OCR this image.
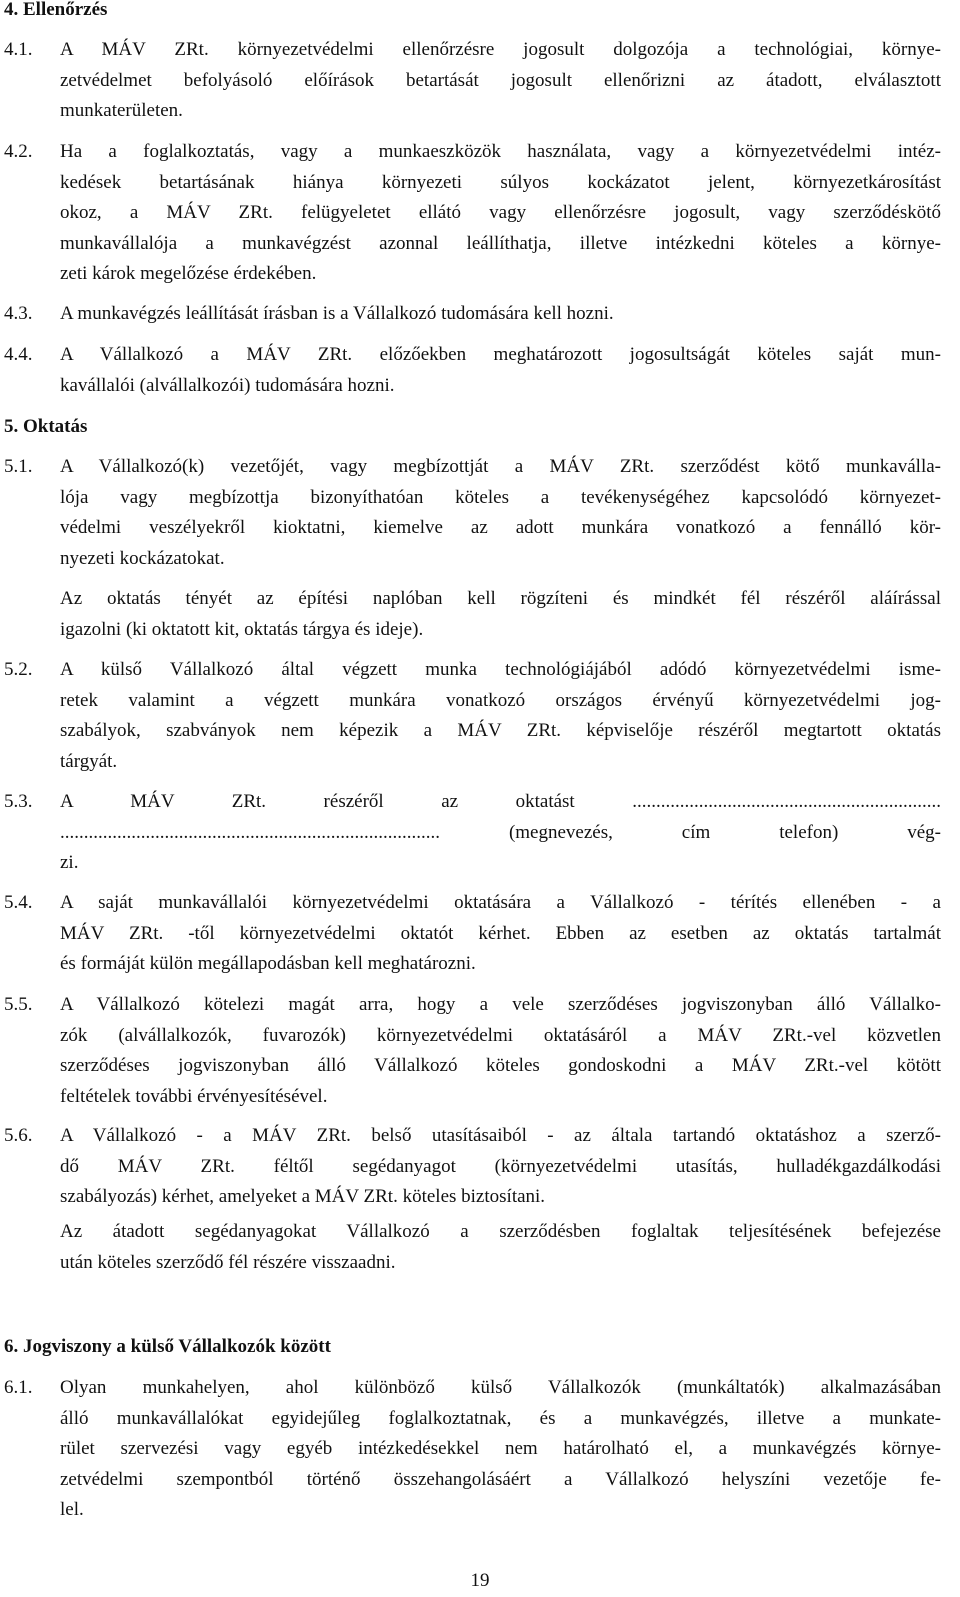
4. Ellenőrzés
4.1. A MÁV ZRt. környezetvédelmi ellenőrzésre jogosult dolgozója a technológiai, környe-
zetvédelmet befolyásoló előírások betartását jogosult ellenőrizni az átadott, elválasztott
munkaterületen.
4.2. Ha a foglalkoztatás, vagy a munkaeszközök használata, vagy a környezetvédelmi intéz-
kedések betartásának hiánya környezeti súlyos kockázatot jelent, környezetkárosítást
okoz, a MÁV ZRt. felügyeletet ellátó vagy ellenőrzésre jogosult, vagy szerződéskötő
munkavállalója a munkavégzést azonnal leállíthatja, illetve intézkedni köteles a környe-
zeti károk megelőzése érdekében.
4.3. A munkavégzés leállítását írásban is a Vállalkozó tudomására kell hozni.
4.4. A Vállalkozó a MÁV ZRt. előzőekben meghatározott jogosultságát köteles saját mun-
kavállalói (alvállalkozói) tudomására hozni.
5. Oktatás
5.1. A Vállalkozó(k) vezetőjét, vagy megbízottját a MÁV ZRt. szerződést kötő munkaválla-
lója vagy megbízottja bizonyíthatóan köteles a tevékenységéhez kapcsolódó környezet-
védelmi veszélyekről kioktatni, kiemelve az adott munkára vonatkozó a fennálló kör-
nyezeti kockázatokat.
Az oktatás tényét az építési naplóban kell rögzíteni és mindkét fél részéről aláírással
igazolni (ki oktatott kit, oktatás tárgya és ideje).
5.2. A külső Vállalkozó által végzett munka technológiájából adódó környezetvédelmi isme-
retek valamint a végzett munkára vonatkozó országos érvényű környezetvédelmi jog-
szabályok, szabványok nem képezik a MÁV ZRt. képviselője részéről megtartott oktatás
tárgyát.
5.3. A MÁV ZRt. részéről az oktatást .................................................................
................................................................................ (megnevezés, cím telefon) vég-
zi.
5.4. A saját munkavállalói környezetvédelmi oktatására a Vállalkozó - térítés ellenében - a
MÁV ZRt. -től környezetvédelmi oktatót kérhet. Ebben az esetben az oktatás tartalmát
és formáját külön megállapodásban kell meghatározni.
5.5. A Vállalkozó kötelezi magát arra, hogy a vele szerződéses jogviszonyban álló Vállalko-
zók (alvállalkozók, fuvarozók) környezetvédelmi oktatásáról a MÁV ZRt.-vel közvetlen
szerződéses jogviszonyban álló Vállalkozó köteles gondoskodni a MÁV ZRt.-vel kötött
feltételek további érvényesítésével.
5.6. A Vállalkozó - a MÁV ZRt. belső utasításaiból - az általa tartandó oktatáshoz a szerző-
dő MÁV ZRt. féltől segédanyagot (környezetvédelmi utasítás, hulladékgazdálkodási
szabályozás) kérhet, amelyeket a MÁV ZRt. köteles biztosítani.
Az átadott segédanyagokat Vállalkozó a szerződésben foglaltak teljesítésének befejezése
után köteles szerződő fél részére visszaadni.
6. Jogviszony a külső Vállalkozók között
6.1. Olyan munkahelyen, ahol különböző külső Vállalkozók (munkáltatók) alkalmazásában
álló munkavállalókat egyidejűleg foglalkoztatnak, és a munkavégzés, illetve a munkate-
rület szervezési vagy egyéb intézkedésekkel nem határolható el, a munkavégzés környe-
zetvédelmi szempontból történő összehangolásáért a Vállalkozó helyszíni vezetője fe-
lel.
19
